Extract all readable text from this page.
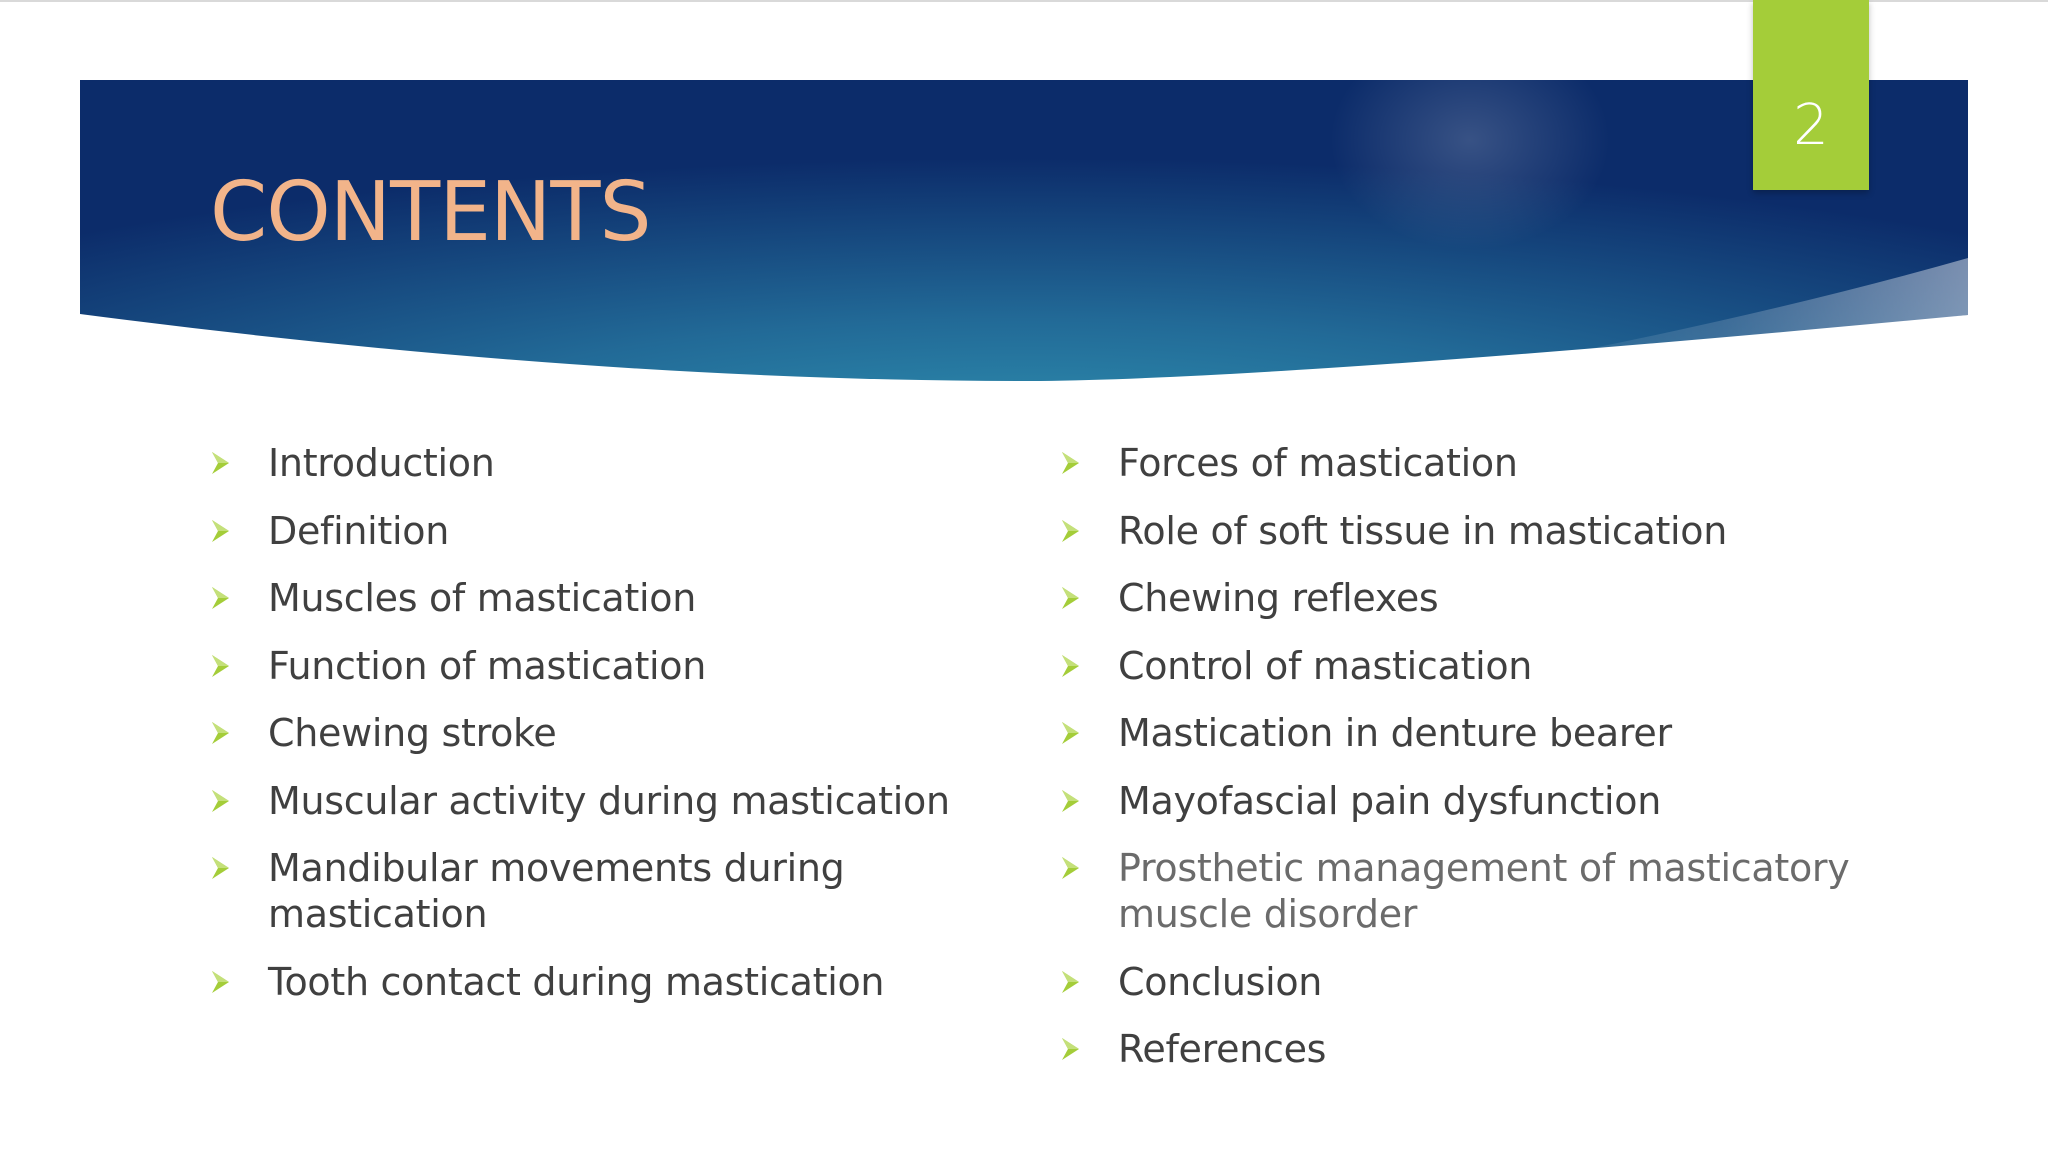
2
CONTENTS
Introduction
Definition
Muscles of mastication
Function of mastication
Chewing stroke
Muscular activity during mastication
Mandibular movements during mastication
Tooth contact during mastication
Forces of mastication
Role of soft tissue in mastication
Chewing reflexes
Control of mastication
Mastication in denture bearer
Mayofascial pain dysfunction
Prosthetic management of masticatory muscle disorder
Conclusion
References
